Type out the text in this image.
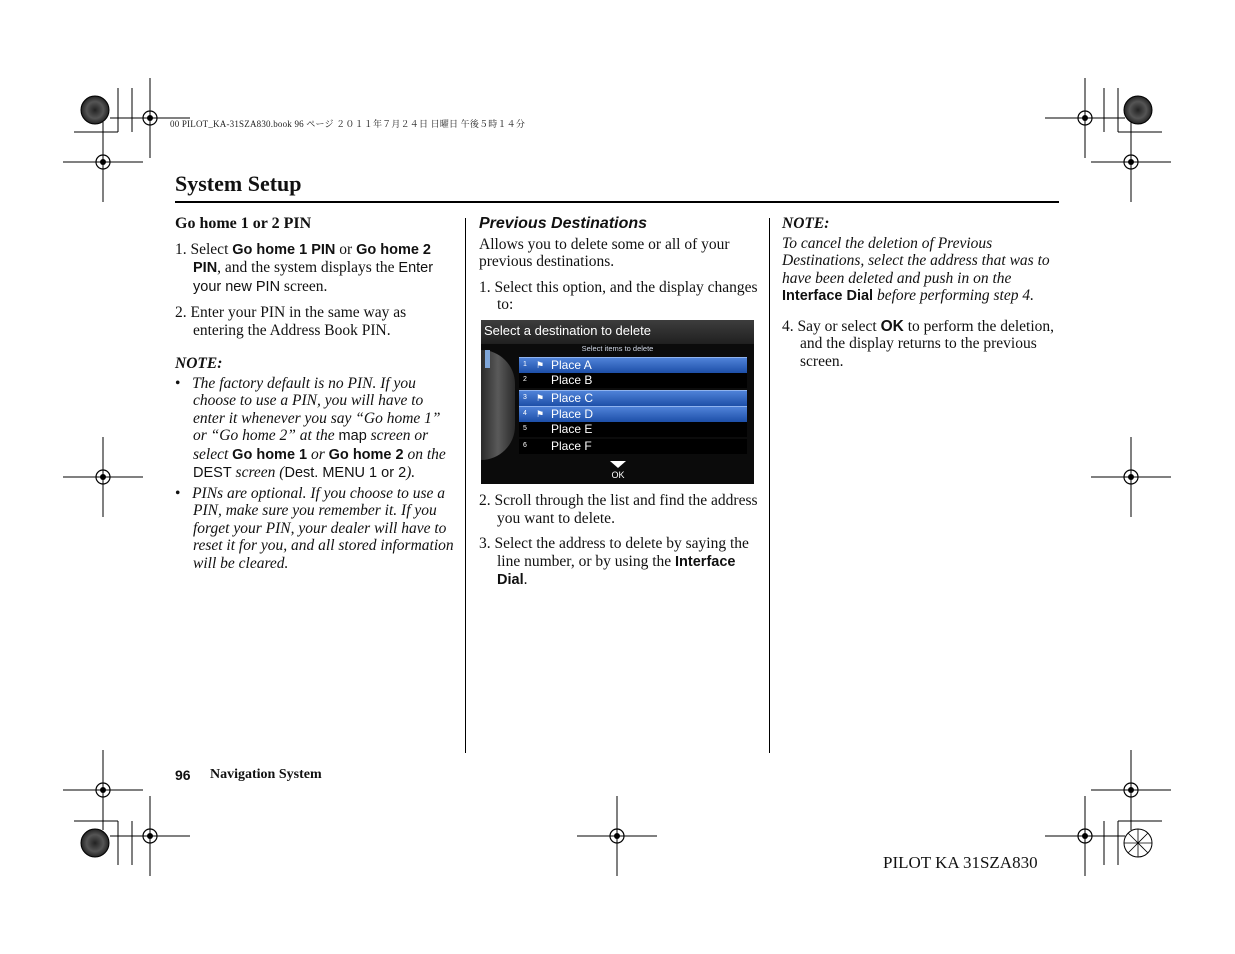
00 PILOT_KA-31SZA830.book 96 ページ ２０１１年７月２４日 日曜日 午後５時１４分
System Setup

Go home 1 or 2 PIN

1. Select Go home 1 PIN or Go home 2 PIN, and the system displays the Enter your new PIN screen.

2. Enter your PIN in the same way as entering the Address Book PIN.

NOTE:

• The factory default is no PIN. If you choose to use a PIN, you will have to enter it whenever you say “Go home 1” or “Go home 2” at the map screen or select Go home 1 or Go home 2 on the DEST screen (Dest. MENU 1 or 2).

• PINs are optional. If you choose to use a PIN, make sure you remember it. If you forget your PIN, your dealer will have to reset it for you, and all stored information will be cleared.

Previous Destinations

Allows you to delete some or all of your previous destinations.

1. Select this option, and the display changes to:

Select a destination to delete
Select items to delete
1 ⚑ Place A
2 Place B
3 ⚑ Place C
4 ⚑ Place D
5 Place E
6 Place F
OK

2. Scroll through the list and find the address you want to delete.

3. Select the address to delete by saying the line number, or by using the Interface Dial.

NOTE:

To cancel the deletion of Previous Destinations, select the address that was to have been deleted and push in on the Interface Dial before performing step 4.

4. Say or select OK to perform the deletion, and the display returns to the previous screen.

96 Navigation System
PILOT KA 31SZA830
